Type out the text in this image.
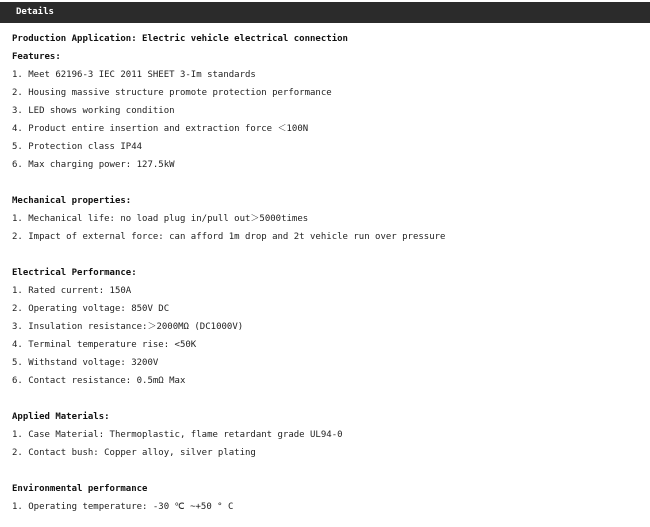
Details
Production Application: Electric vehicle electrical connection
Features:
1. Meet 62196-3 IEC 2011 SHEET 3-Im standards
2. Housing massive structure promote protection performance
3. LED shows working condition
4. Product entire insertion and extraction force ＜100N
5. Protection class IP44
6. Max charging power: 127.5kW
Mechanical properties:
1. Mechanical life: no load plug in/pull out＞5000times
2. Impact of external force: can afford 1m drop and 2t vehicle run over pressure
Electrical Performance:
1. Rated current: 150A
2. Operating voltage: 850V DC
3. Insulation resistance:＞2000MΩ (DC1000V)
4. Terminal temperature rise: <50K
5. Withstand voltage: 3200V
6. Contact resistance: 0.5mΩ Max
Applied Materials:
1. Case Material: Thermoplastic, flame retardant grade UL94-0
2. Contact bush: Copper alloy, silver plating
Environmental performance
1. Operating temperature: -30 ℃ ~+50 ° C
